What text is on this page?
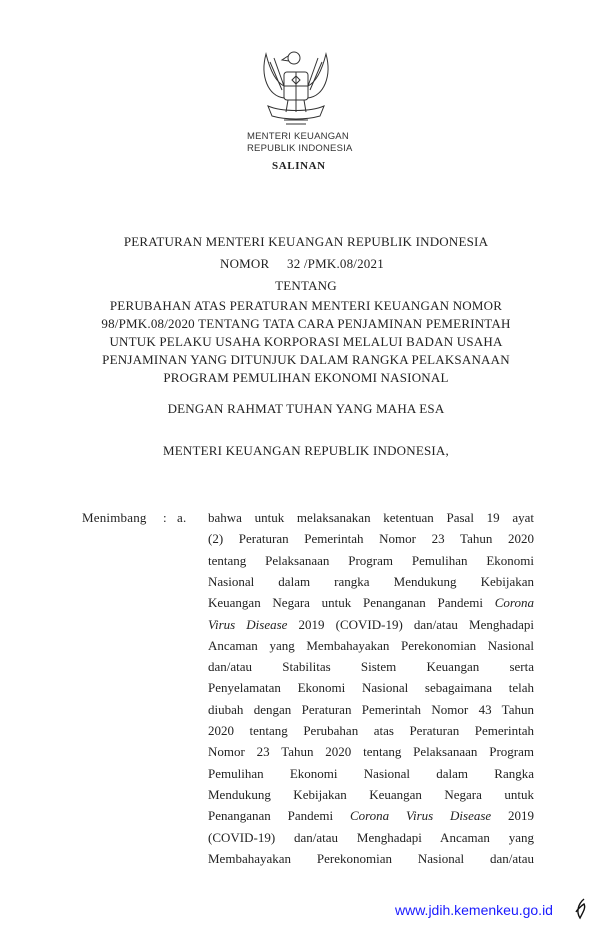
MENTERI KEUANGAN
REPUBLIK INDONESIA
SALINAN
PERATURAN MENTERI KEUANGAN REPUBLIK INDONESIA
NOMOR 32 /PMK.08/2021
TENTANG
PERUBAHAN ATAS PERATURAN MENTERI KEUANGAN NOMOR
98/PMK.08/2020 TENTANG TATA CARA PENJAMINAN PEMERINTAH
UNTUK PELAKU USAHA KORPORASI MELALUI BADAN USAHA
PENJAMINAN YANG DITUNJUK DALAM RANGKA PELAKSANAAN
PROGRAM PEMULIHAN EKONOMI NASIONAL
DENGAN RAHMAT TUHAN YANG MAHA ESA
MENTERI KEUANGAN REPUBLIK INDONESIA,
Menimbang : a. bahwa untuk melaksanakan ketentuan Pasal 19 ayat
(2) Peraturan Pemerintah Nomor 23 Tahun 2020
tentang Pelaksanaan Program Pemulihan Ekonomi
Nasional dalam rangka Mendukung Kebijakan
Keuangan Negara untuk Penanganan Pandemi Corona
Virus Disease 2019 (COVID-19) dan/atau Menghadapi
Ancaman yang Membahayakan Perekonomian Nasional
dan/atau Stabilitas Sistem Keuangan serta
Penyelamatan Ekonomi Nasional sebagaimana telah
diubah dengan Peraturan Pemerintah Nomor 43 Tahun
2020 tentang Perubahan atas Peraturan Pemerintah
Nomor 23 Tahun 2020 tentang Pelaksanaan Program
Pemulihan Ekonomi Nasional dalam Rangka
Mendukung Kebijakan Keuangan Negara untuk
Penanganan Pandemi Corona Virus Disease 2019
(COVID-19) dan/atau Menghadapi Ancaman yang
Membahayakan Perekonomian Nasional dan/atau
www.jdih.kemenkeu.go.id
